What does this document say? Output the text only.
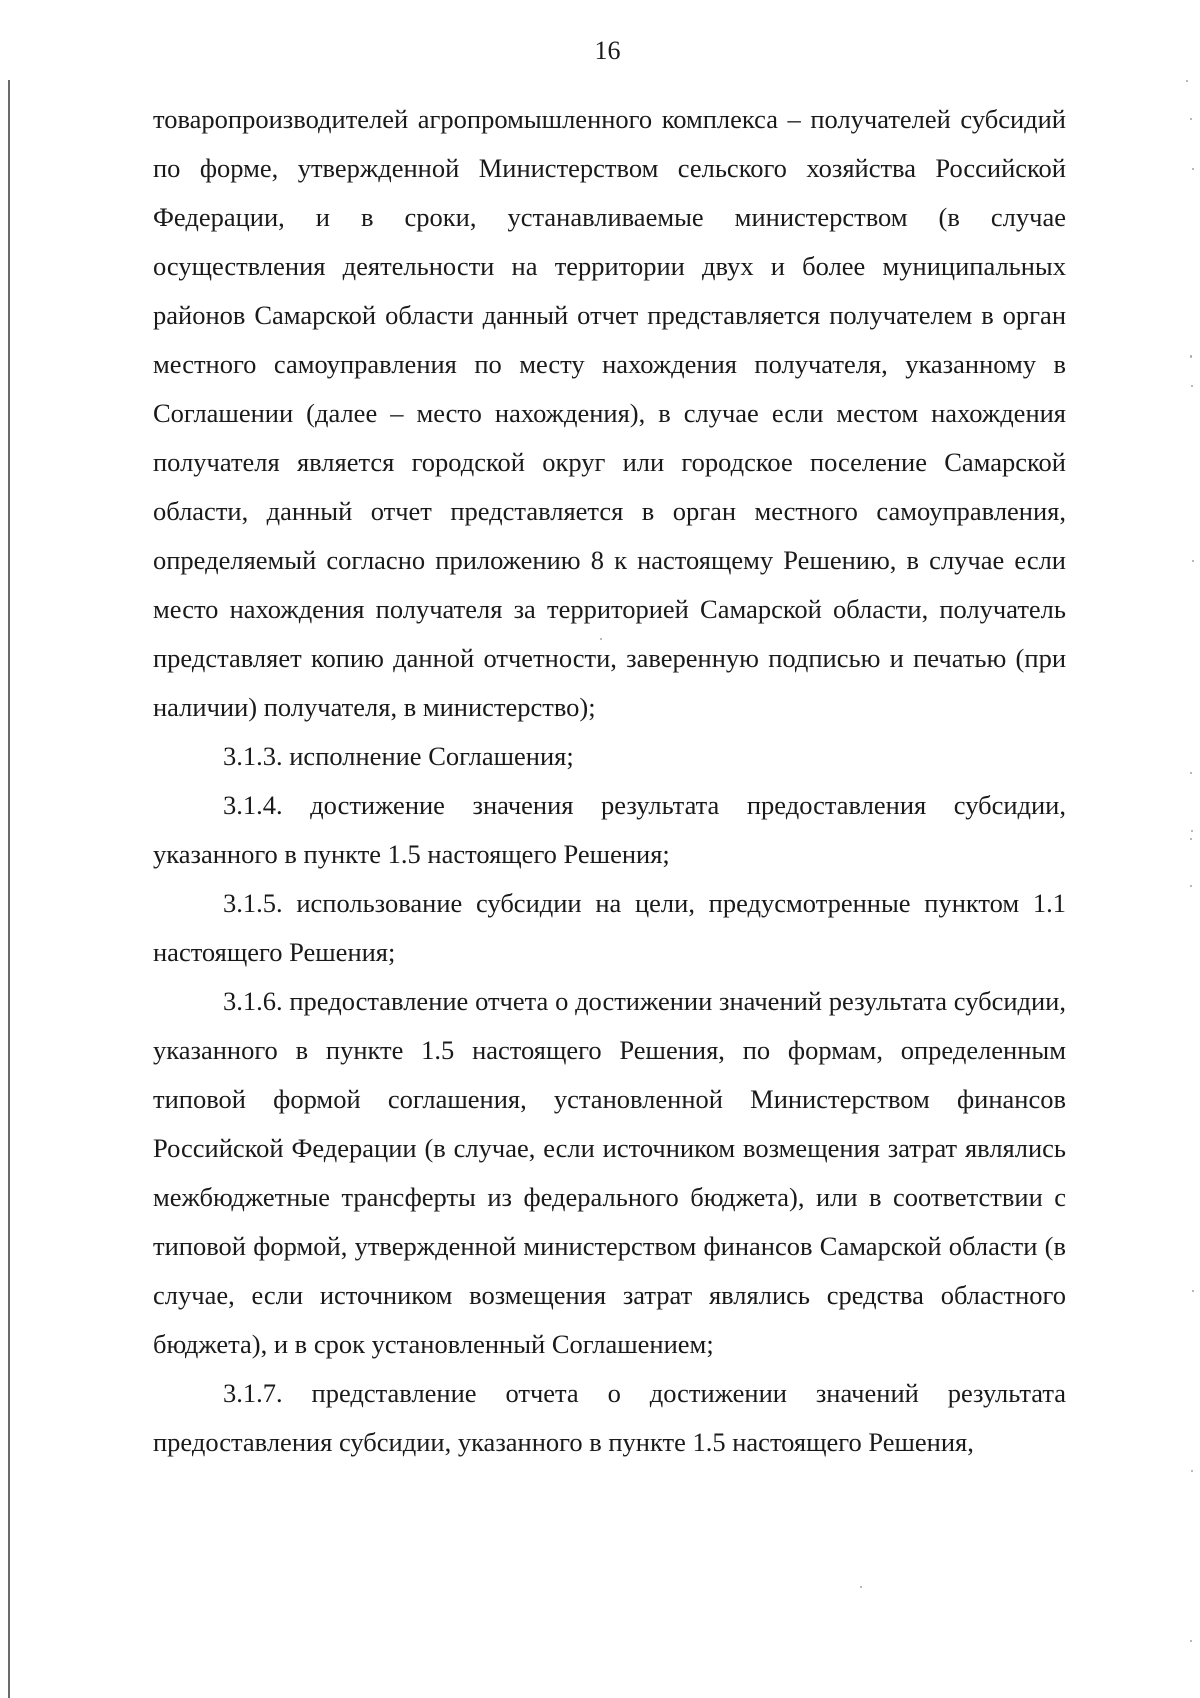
16

товаропроизводителей агропромышленного комплекса – получателей субсидий по форме, утвержденной Министерством сельского хозяйства Российской Федерации, и в сроки, устанавливаемые министерством (в случае осуществления деятельности на территории двух и более муниципальных районов Самарской области данный отчет представляется получателем в орган местного самоуправления по месту нахождения получателя, указанному в Соглашении (далее – место нахождения), в случае если местом нахождения получателя является городской округ или городское поселение Самарской области, данный отчет представляется в орган местного самоуправления, определяемый согласно приложению 8 к настоящему Решению, в случае если место нахождения получателя за территорией Самарской области, получатель представляет копию данной отчетности, заверенную подписью и печатью (при наличии) получателя, в министерство);

3.1.3. исполнение Соглашения;

3.1.4. достижение значения результата предоставления субсидии, указанного в пункте 1.5 настоящего Решения;

3.1.5. использование субсидии на цели, предусмотренные пунктом 1.1 настоящего Решения;

3.1.6. предоставление отчета о достижении значений результата субсидии, указанного в пункте 1.5 настоящего Решения, по формам, определенным типовой формой соглашения, установленной Министерством финансов Российской Федерации (в случае, если источником возмещения затрат являлись межбюджетные трансферты из федерального бюджета), или в соответствии с типовой формой, утвержденной министерством финансов Самарской области (в случае, если источником возмещения затрат являлись средства областного бюджета), и в срок установленный Соглашением;

3.1.7. представление отчета о достижении значений результата предоставления субсидии, указанного в пункте 1.5 настоящего Решения,
